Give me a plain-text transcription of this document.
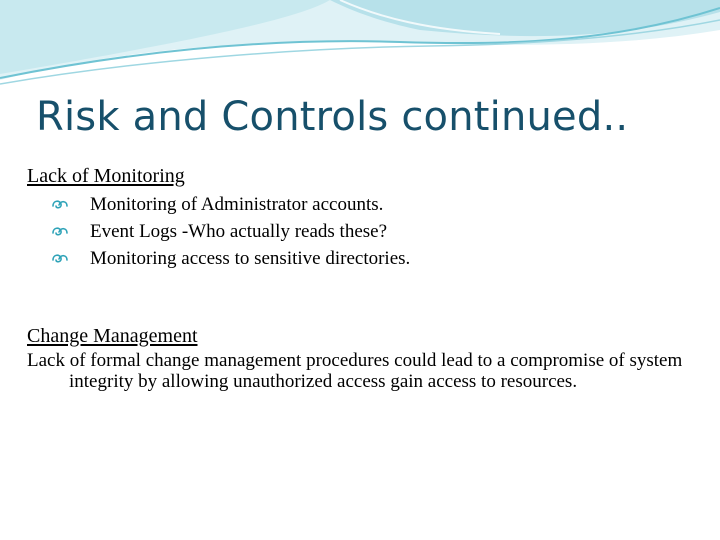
Risk and Controls continued..
Lack of Monitoring
Monitoring of Administrator accounts.
Event Logs -Who actually reads these?
Monitoring access to sensitive directories.
Change Management

Lack of formal change management procedures could lead to a compromise of system integrity by allowing unauthorized access gain access to resources.
